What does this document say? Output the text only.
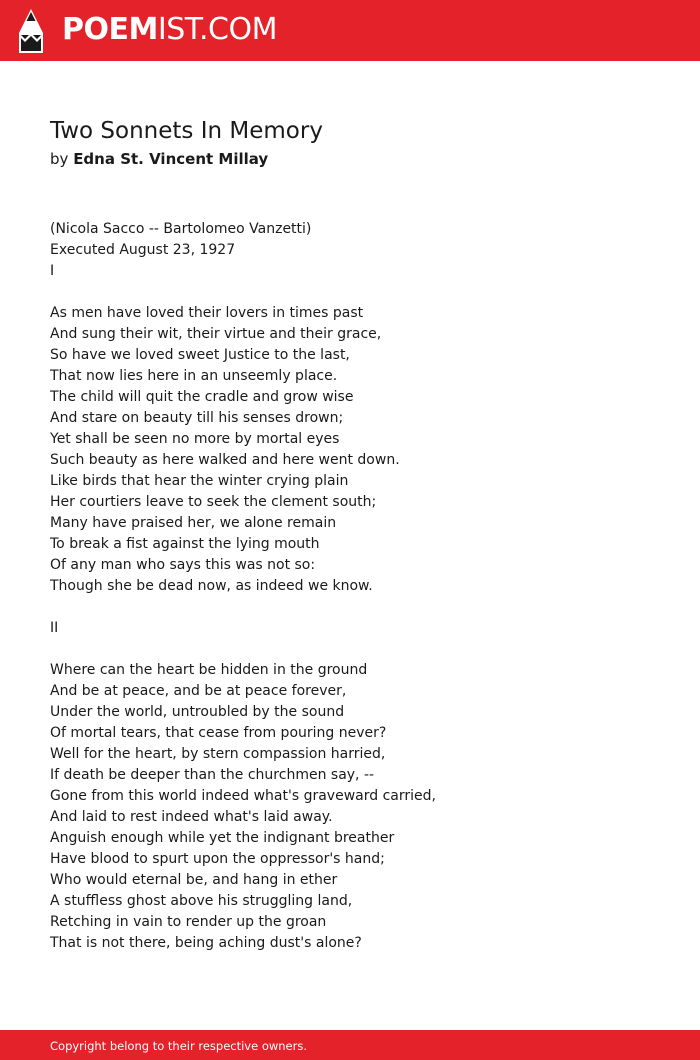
POEMIST.COM
Two Sonnets In Memory
by Edna St. Vincent Millay
(Nicola Sacco -- Bartolomeo Vanzetti)
Executed August 23, 1927
I
As men have loved their lovers in times past
And sung their wit, their virtue and their grace,
So have we loved sweet Justice to the last,
That now lies here in an unseemly place.
The child will quit the cradle and grow wise
And stare on beauty till his senses drown;
Yet shall be seen no more by mortal eyes
Such beauty as here walked and here went down.
Like birds that hear the winter crying plain
Her courtiers leave to seek the clement south;
Many have praised her, we alone remain
To break a fist against the lying mouth
Of any man who says this was not so:
Though she be dead now, as indeed we know.
II
Where can the heart be hidden in the ground
And be at peace, and be at peace forever,
Under the world, untroubled by the sound
Of mortal tears, that cease from pouring never?
Well for the heart, by stern compassion harried,
If death be deeper than the churchmen say, --
Gone from this world indeed what's graveward carried,
And laid to rest indeed what's laid away.
Anguish enough while yet the indignant breather
Have blood to spurt upon the oppressor's hand;
Who would eternal be, and hang in ether
A stuffless ghost above his struggling land,
Retching in vain to render up the groan
That is not there, being aching dust's alone?
Copyright belong to their respective owners.
